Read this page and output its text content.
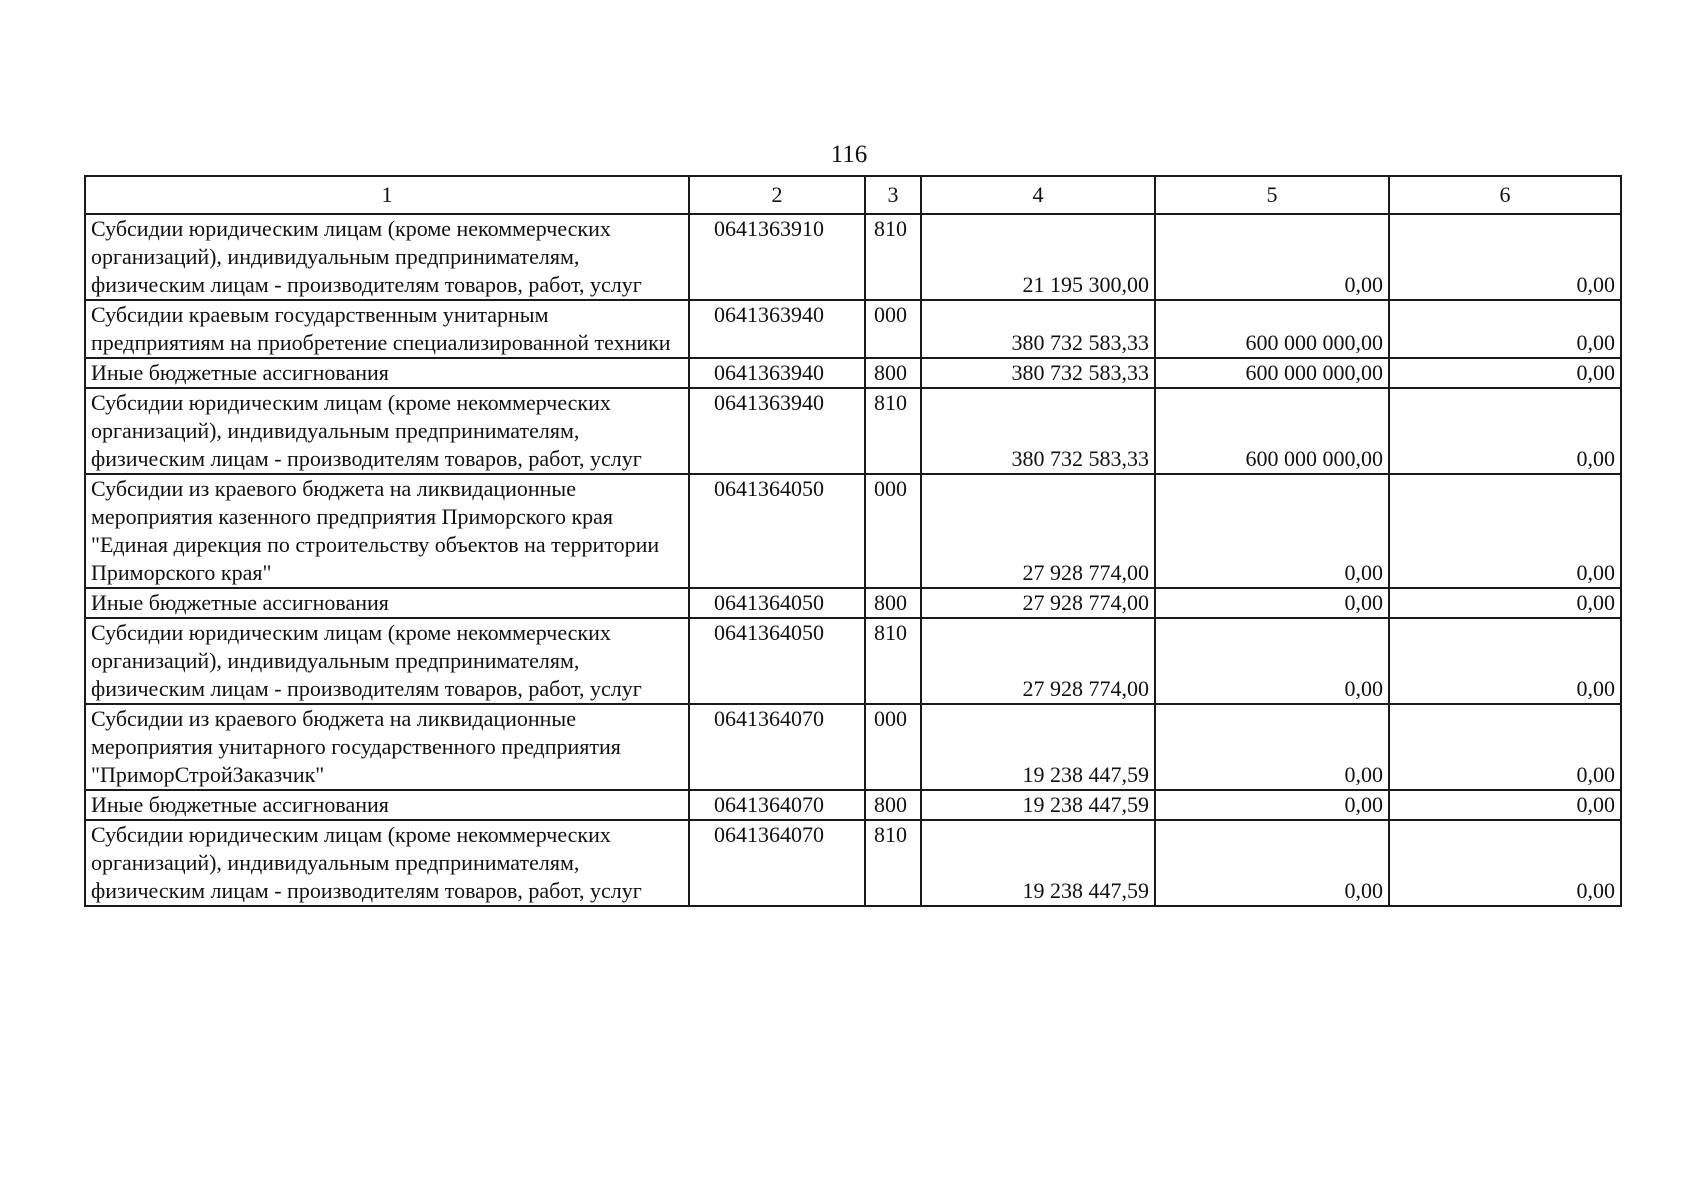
116
1	2	3	4	5	6
Субсидии юридическим лицам (кроме некоммерческих организаций), индивидуальным предпринимателям, физическим лицам - производителям товаров, работ, услуг	0641363910	810	21 195 300,00	0,00	0,00
Субсидии краевым государственным унитарным предприятиям на приобретение специализированной техники	0641363940	000	380 732 583,33	600 000 000,00	0,00
Иные бюджетные ассигнования	0641363940	800	380 732 583,33	600 000 000,00	0,00
Субсидии юридическим лицам (кроме некоммерческих организаций), индивидуальным предпринимателям, физическим лицам - производителям товаров, работ, услуг	0641363940	810	380 732 583,33	600 000 000,00	0,00
Субсидии из краевого бюджета на ликвидационные мероприятия казенного предприятия Приморского края "Единая дирекция по строительству объектов на территории Приморского края"	0641364050	000	27 928 774,00	0,00	0,00
Иные бюджетные ассигнования	0641364050	800	27 928 774,00	0,00	0,00
Субсидии юридическим лицам (кроме некоммерческих организаций), индивидуальным предпринимателям, физическим лицам - производителям товаров, работ, услуг	0641364050	810	27 928 774,00	0,00	0,00
Субсидии из краевого бюджета на ликвидационные мероприятия унитарного государственного предприятия "ПриморСтройЗаказчик"	0641364070	000	19 238 447,59	0,00	0,00
Иные бюджетные ассигнования	0641364070	800	19 238 447,59	0,00	0,00
Субсидии юридическим лицам (кроме некоммерческих организаций), индивидуальным предпринимателям, физическим лицам - производителям товаров, работ, услуг	0641364070	810	19 238 447,59	0,00	0,00
